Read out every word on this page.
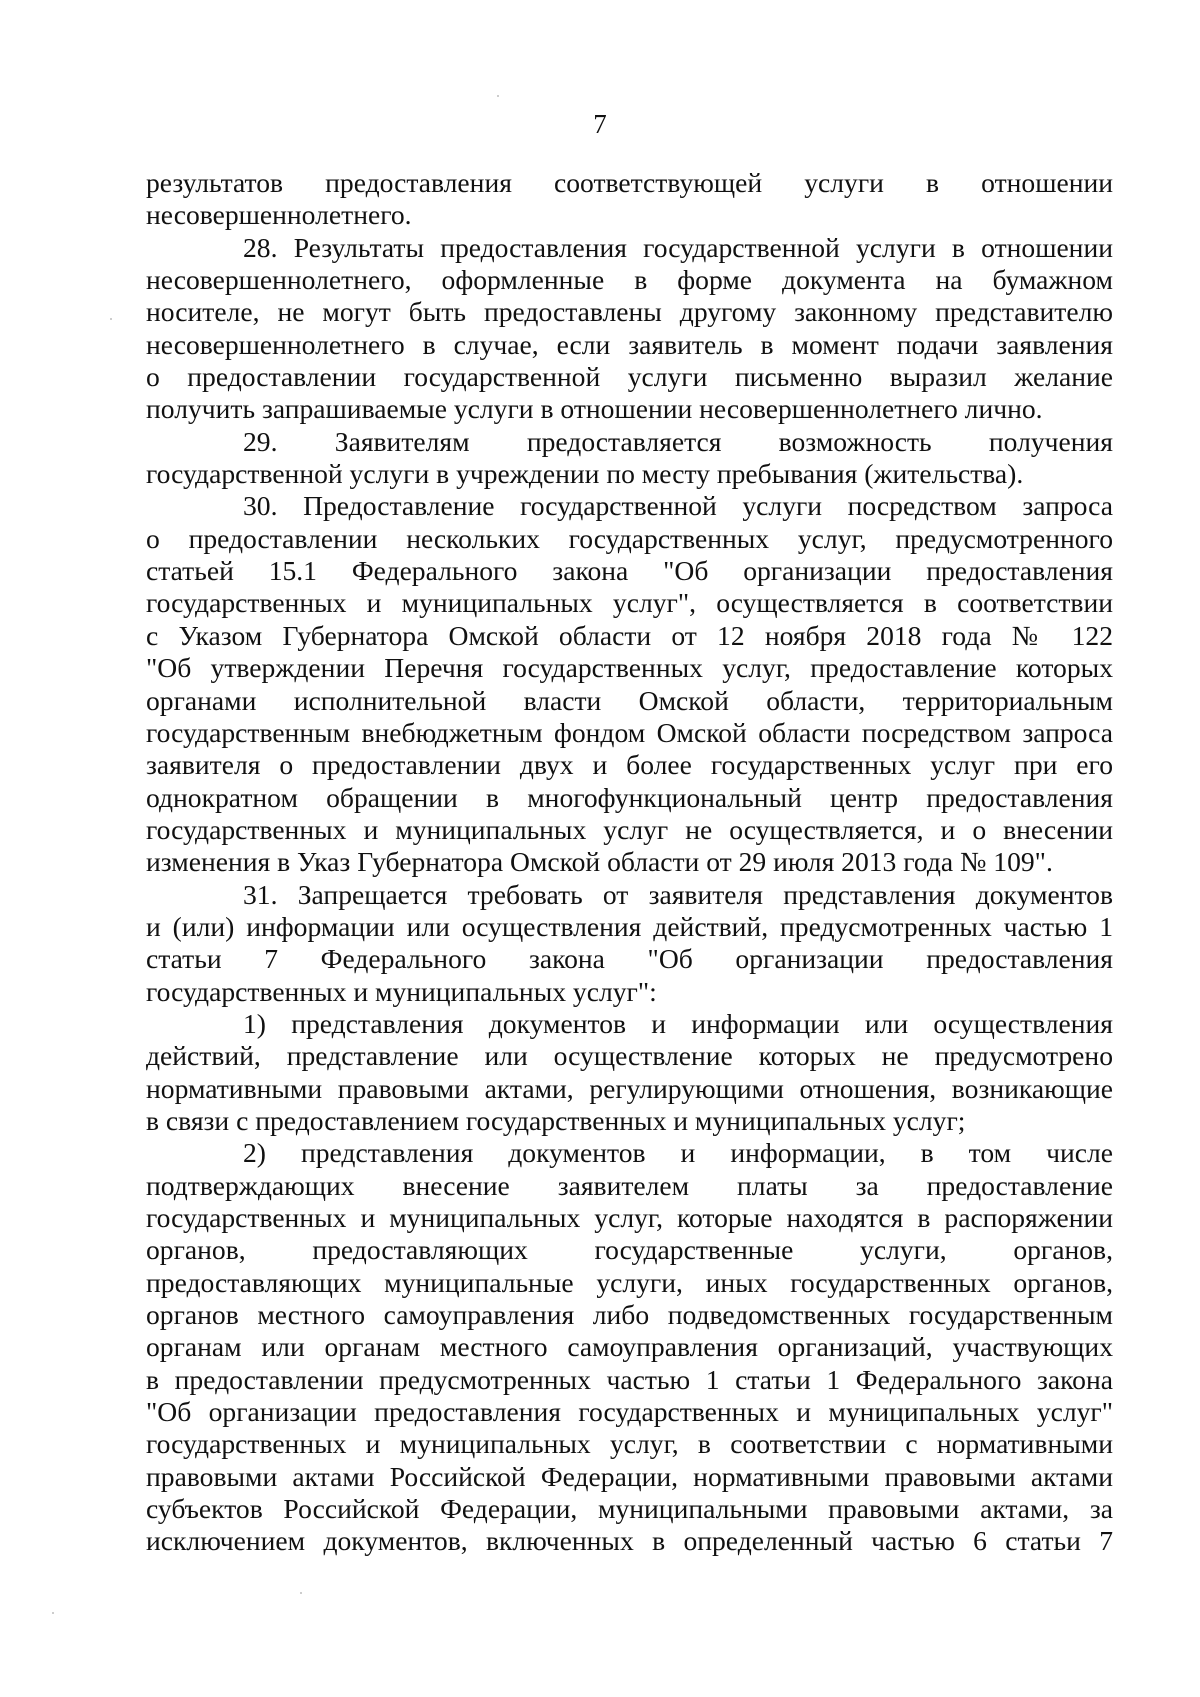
7
результатов предоставления соответствующей услуги в отношении
несовершеннолетнего.
28. Результаты предоставления государственной услуги в отношении
несовершеннолетнего, оформленные в форме документа на бумажном
носителе, не могут быть предоставлены другому законному представителю
несовершеннолетнего в случае, если заявитель в момент подачи заявления
о предоставлении государственной услуги письменно выразил желание
получить запрашиваемые услуги в отношении несовершеннолетнего лично.
29. Заявителям предоставляется возможность получения
государственной услуги в учреждении по месту пребывания (жительства).
30. Предоставление государственной услуги посредством запроса
о предоставлении нескольких государственных услуг, предусмотренного
статьей 15.1 Федерального закона "Об организации предоставления
государственных и муниципальных услуг", осуществляется в соответствии
с Указом Губернатора Омской области от 12 ноября 2018 года № 122
"Об утверждении Перечня государственных услуг, предоставление которых
органами исполнительной власти Омской области, территориальным
государственным внебюджетным фондом Омской области посредством запроса
заявителя о предоставлении двух и более государственных услуг при его
однократном обращении в многофункциональный центр предоставления
государственных и муниципальных услуг не осуществляется, и о внесении
изменения в Указ Губернатора Омской области от 29 июля 2013 года № 109".
31. Запрещается требовать от заявителя представления документов
и (или) информации или осуществления действий, предусмотренных частью 1
статьи 7 Федерального закона "Об организации предоставления
государственных и муниципальных услуг":
1) представления документов и информации или осуществления
действий, представление или осуществление которых не предусмотрено
нормативными правовыми актами, регулирующими отношения, возникающие
в связи с предоставлением государственных и муниципальных услуг;
2) представления документов и информации, в том числе
подтверждающих внесение заявителем платы за предоставление
государственных и муниципальных услуг, которые находятся в распоряжении
органов, предоставляющих государственные услуги, органов,
предоставляющих муниципальные услуги, иных государственных органов,
органов местного самоуправления либо подведомственных государственным
органам или органам местного самоуправления организаций, участвующих
в предоставлении предусмотренных частью 1 статьи 1 Федерального закона
"Об организации предоставления государственных и муниципальных услуг"
государственных и муниципальных услуг, в соответствии с нормативными
правовыми актами Российской Федерации, нормативными правовыми актами
субъектов Российской Федерации, муниципальными правовыми актами, за
исключением документов, включенных в определенный частью 6 статьи 7
